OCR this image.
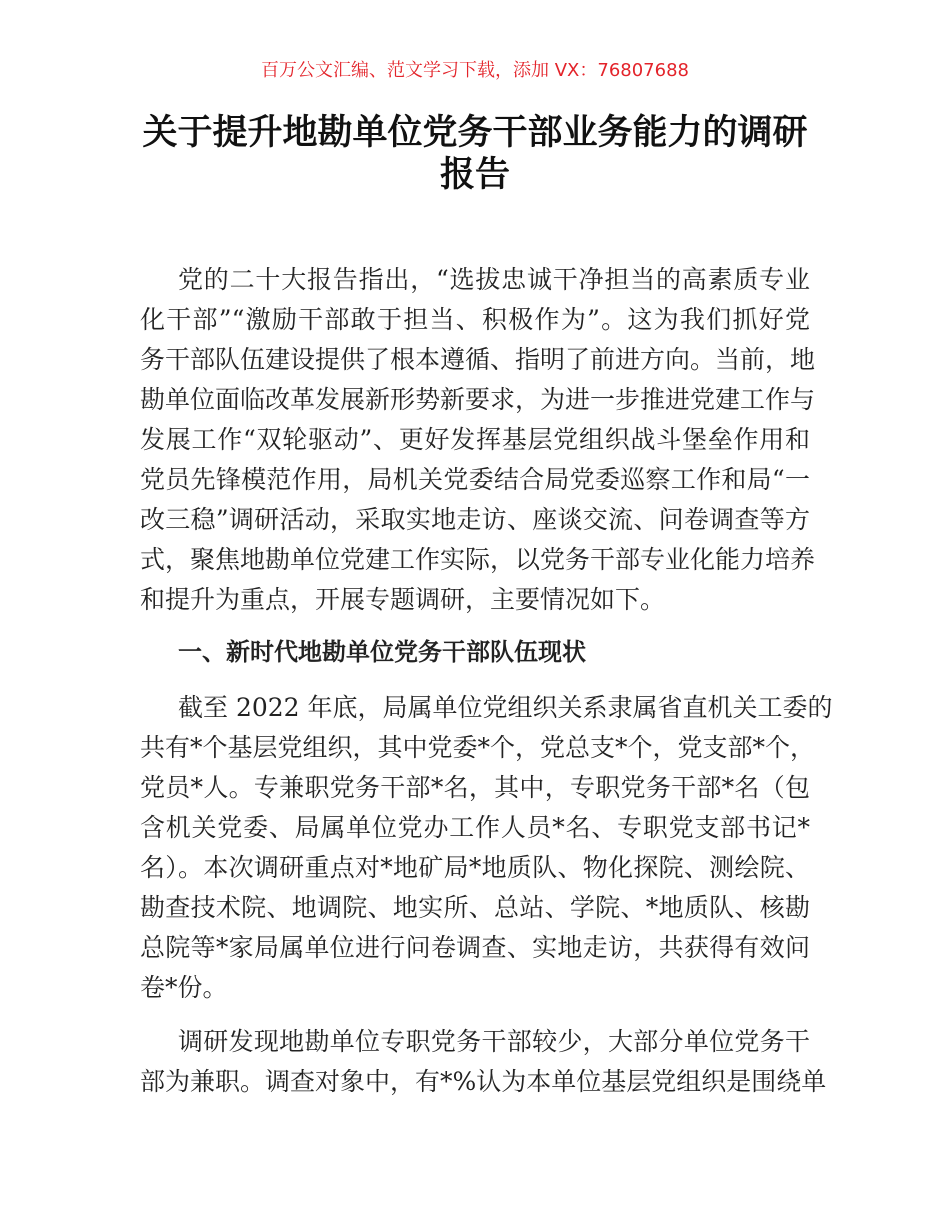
百万公文汇编、范文学习下载，添加 VX：76807688
关于提升地勘单位党务干部业务能力的调研
报告
党的二十大报告指出，“选拔忠诚干净担当的高素质专业
化干部”“激励干部敢于担当、积极作为”。这为我们抓好党
务干部队伍建设提供了根本遵循、指明了前进方向。当前，地
勘单位面临改革发展新形势新要求，为进一步推进党建工作与
发展工作“双轮驱动”、更好发挥基层党组织战斗堡垒作用和
党员先锋模范作用，局机关党委结合局党委巡察工作和局“一
改三稳”调研活动，采取实地走访、座谈交流、问卷调查等方
式，聚焦地勘单位党建工作实际，以党务干部专业化能力培养
和提升为重点，开展专题调研，主要情况如下。
一、新时代地勘单位党务干部队伍现状
截至 2022 年底，局属单位党组织关系隶属省直机关工委的
共有*个基层党组织，其中党委*个，党总支*个，党支部*个，
党员*人。专兼职党务干部*名，其中，专职党务干部*名（包
含机关党委、局属单位党办工作人员*名、专职党支部书记*
名）。本次调研重点对*地矿局*地质队、物化探院、测绘院、
勘查技术院、地调院、地实所、总站、学院、*地质队、核勘
总院等*家局属单位进行问卷调查、实地走访，共获得有效问
卷*份。
调研发现地勘单位专职党务干部较少，大部分单位党务干
部为兼职。调查对象中，有*%认为本单位基层党组织是围绕单
